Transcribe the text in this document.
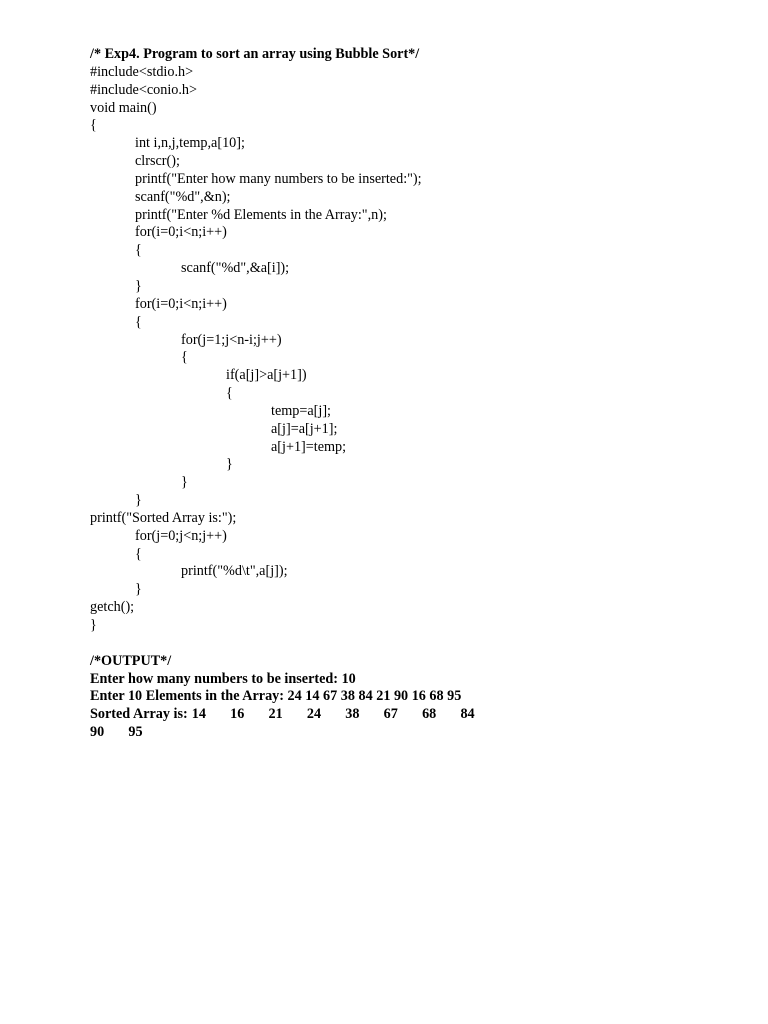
/* Exp4. Program to sort an array using Bubble Sort*/
#include<stdio.h>
#include<conio.h>
void main()
{
int i,n,j,temp,a[10];
clrscr();
printf("Enter how many numbers to be inserted:");
scanf("%d",&n);
printf("Enter %d Elements in the Array:",n);
for(i=0;i<n;i++)
{
scanf("%d",&a[i]);
}
for(i=0;i<n;i++)
{
for(j=1;j<n-i;j++)
{
if(a[j]>a[j+1])
{
temp=a[j];
a[j]=a[j+1];
a[j+1]=temp;
}
}
}
printf("Sorted Array is:");
for(j=0;j<n;j++)
{
printf("%d\t",a[j]);
}
getch();
}
/*OUTPUT*/
Enter how many numbers to be inserted: 10
Enter 10 Elements in the Array: 24 14 67 38 84 21 90 16 68 95
Sorted Array is: 14	16	21	24	38	67	68	84
90	95
